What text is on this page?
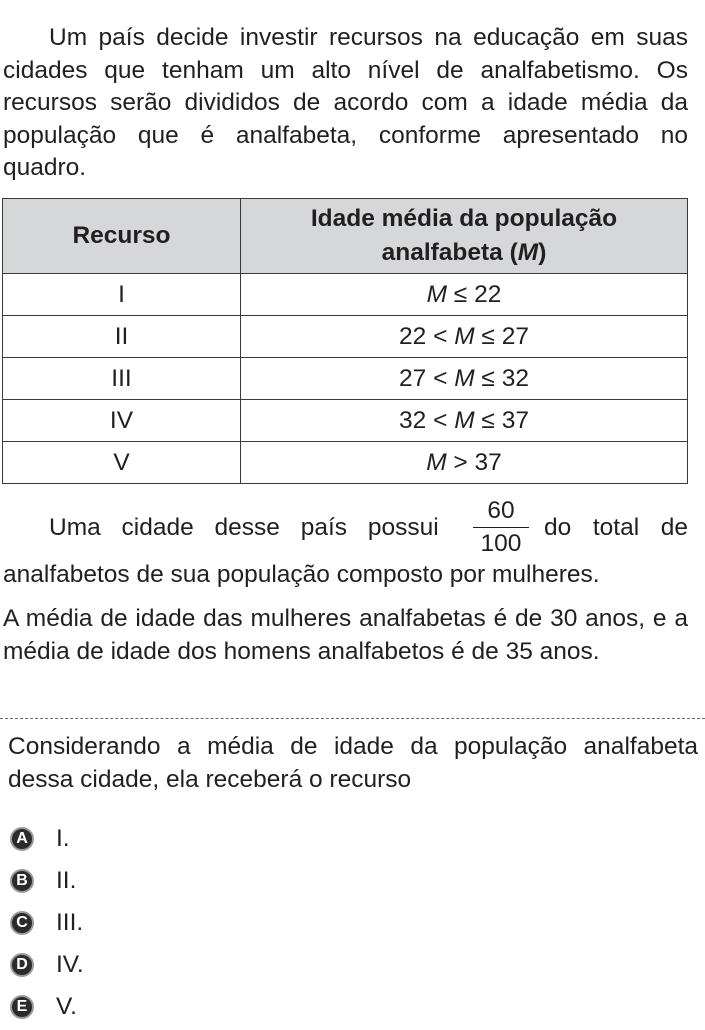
Um país decide investir recursos na educação em suas cidades que tenham um alto nível de analfabetismo. Os recursos serão divididos de acordo com a idade média da população que é analfabeta, conforme apresentado no quadro.
Recurso	Idade média da população
analfabeta (M)
I	M ≤ 22
II	22 < M ≤ 27
III	27 < M ≤ 32
IV	32 < M ≤ 37
V	M > 37
Uma cidade desse país possui $\frac{60}{100}$ do total de
analfabetos de sua população composto por mulheres.
A média de idade das mulheres analfabetas é de 30 anos, e a média de idade dos homens analfabetos é de 35 anos.
Considerando a média de idade da população analfabeta dessa cidade, ela receberá o recurso
A I.
B II.
C III.
D IV.
E V.
